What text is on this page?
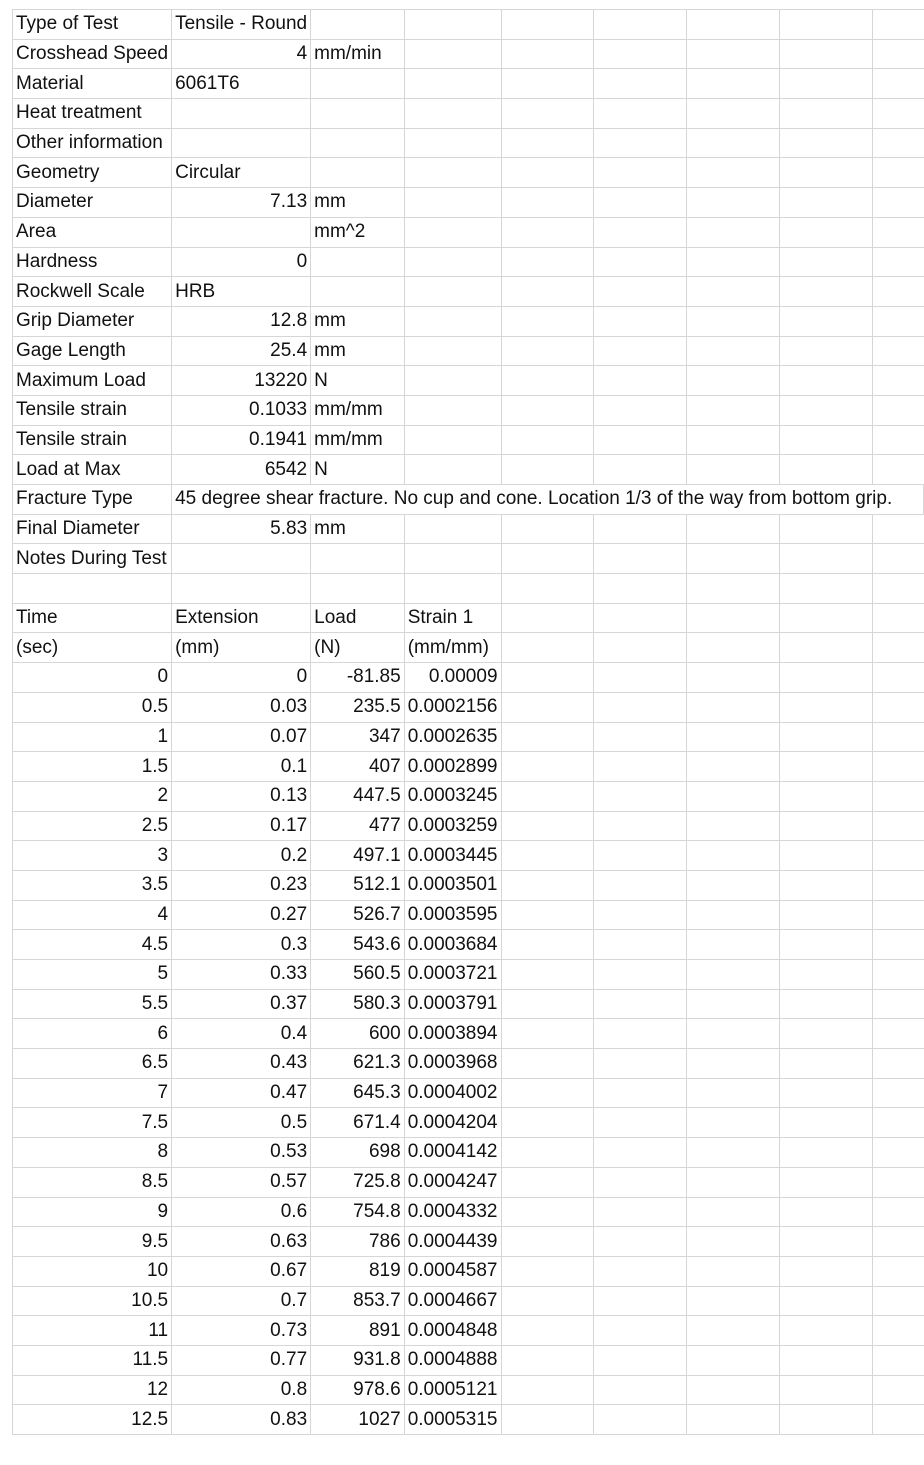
Type of Test	Tensile - Round							

Crosshead Speed	4	mm/min						

Material	6061T6							
Heat treatment								
Other information								

Geometry	Circular							

Diameter	7.13	mm						

Area		mm^2						

Hardness	0							

Rockwell Scale	HRB							

Grip Diameter	12.8	mm						

Gage Length	25.4	mm						

Maximum Load	13220	N						

Tensile strain	0.1033	mm/mm						

Tensile strain	0.1941	mm/mm						

Load at Max	6542	N						

Fracture Type	45 degree shear fracture. No cup and cone. Location 1/3 of the way from bottom grip.							

Final Diameter	5.83	mm						
Notes During Test								

Time	Extension	Load	Strain 1					
(sec)	(mm)	(N)	(mm/mm)					
0	0	-81.85	0.00009					

0.5	0.03	235.5	0.0002156					

1	0.07	347	0.0002635					

1.5	0.1	407	0.0002899					

2	0.13	447.5	0.0003245					

2.5	0.17	477	0.0003259					

3	0.2	497.1	0.0003445					

3.5	0.23	512.1	0.0003501					

4	0.27	526.7	0.0003595					

4.5	0.3	543.6	0.0003684					

5	0.33	560.5	0.0003721					

5.5	0.37	580.3	0.0003791					

6	0.4	600	0.0003894					

6.5	0.43	621.3	0.0003968					

7	0.47	645.3	0.0004002					

7.5	0.5	671.4	0.0004204					

8	0.53	698	0.0004142					

8.5	0.57	725.8	0.0004247					

9	0.6	754.8	0.0004332					

9.5	0.63	786	0.0004439					

10	0.67	819	0.0004587					

10.5	0.7	853.7	0.0004667					

11	0.73	891	0.0004848					

11.5	0.77	931.8	0.0004888					

12	0.8	978.6	0.0005121					

12.5	0.83	1027	0.0005315					
